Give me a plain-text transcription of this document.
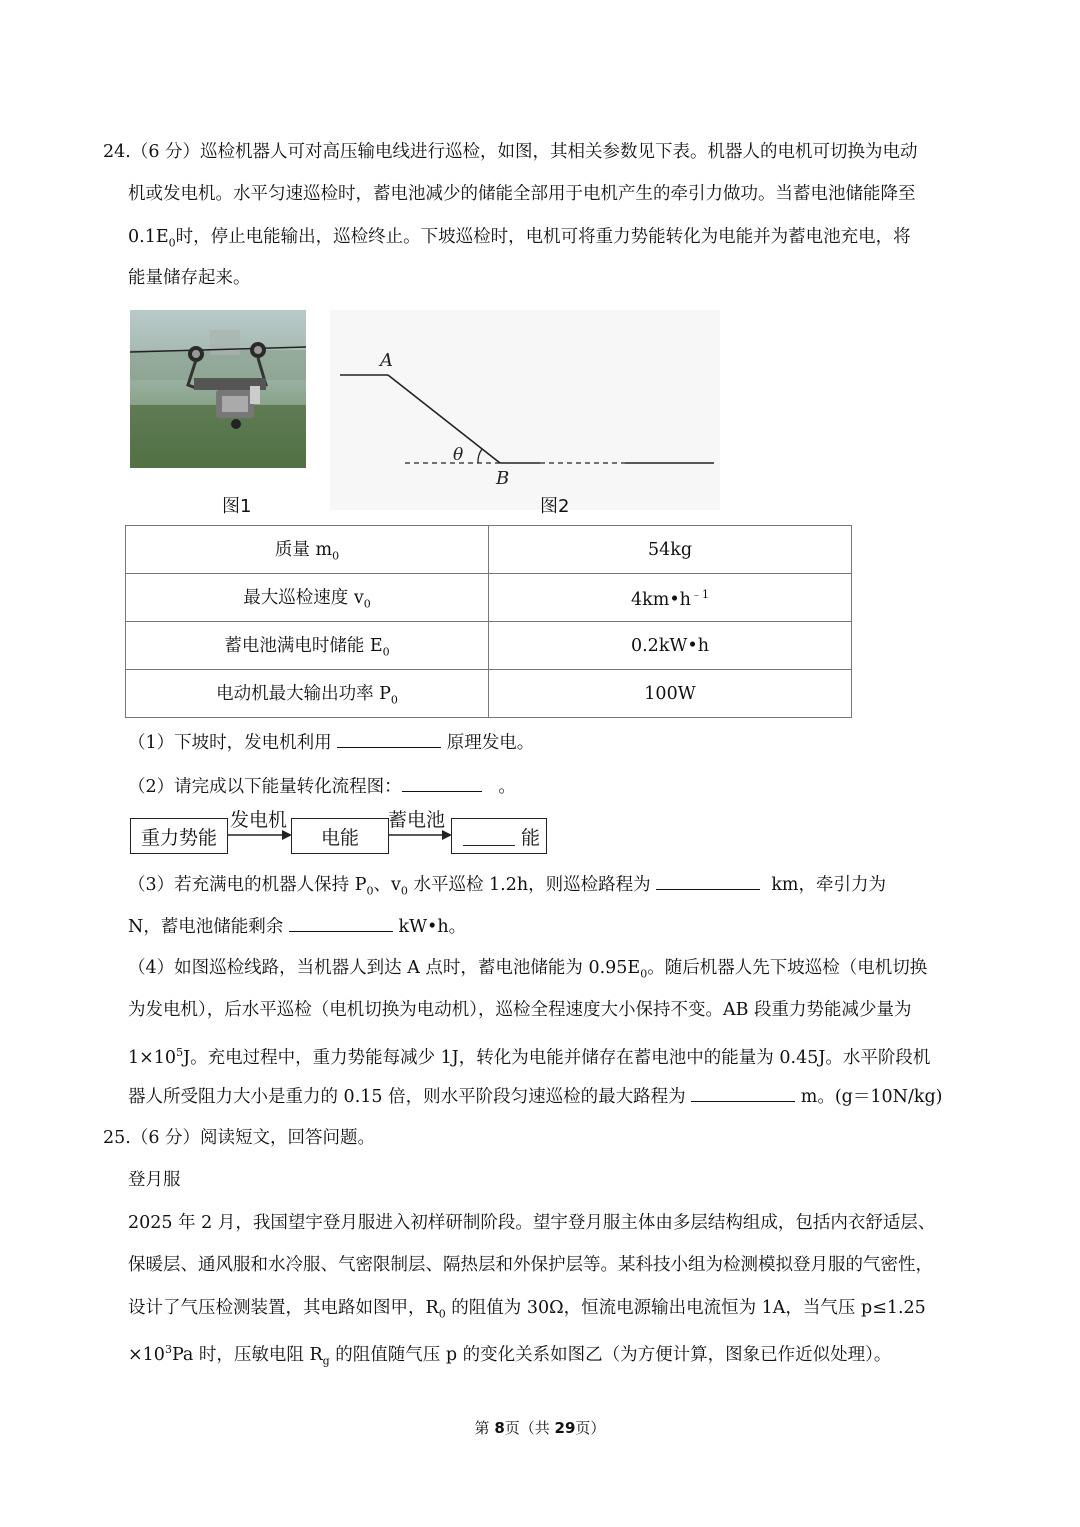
24.（6 分）巡检机器人可对高压输电线进行巡检，如图，其相关参数见下表。机器人的电机可切换为电动
机或发电机。水平匀速巡检时，蓄电池减少的储能全部用于电机产生的牵引力做功。当蓄电池储能降至
$0.1E_0$时，停止电能输出，巡检终止。下坡巡检时，电机可将重力势能转化为电能并为蓄电池充电，将
能量储存起来。
图1
A
B
θ
图2
质量 $m_0$	54kg
最大巡检速度 $v_0$	$4km•h^{﹣1}$
蓄电池满电时储能 $E_0$	0.2kW•h
电动机最大输出功率 $P_0$	100W
（1）下坡时，发电机利用	原理发电。
（2）请完成以下能量转化流程图：	。
重力势能
发电机
电能
蓄电池
能
（3）若充满电的机器人保持 $P_0$、$v_0$ 水平巡检 1.2h，则巡检路程为	km，牵引力为
N，蓄电池储能剩余	kW•h。
（4）如图巡检线路，当机器人到达 A 点时，蓄电池储能为 $0.95E_0$。随后机器人先下坡巡检（电机切换
为发电机），后水平巡检（电机切换为电动机），巡检全程速度大小保持不变。AB 段重力势能减少量为
$1\times 10^5J$。充电过程中，重力势能每减少 1J，转化为电能并储存在蓄电池中的能量为 0.45J。水平阶段机
器人所受阻力大小是重力的 0.15 倍，则水平阶段匀速巡检的最大路程为	m。(g＝10N/kg)
25.（6 分）阅读短文，回答问题。
登月服
2025 年 2 月，我国望宇登月服进入初样研制阶段。望宇登月服主体由多层结构组成，包括内衣舒适层、
保暖层、通风服和水冷服、气密限制层、隔热层和外保护层等。某科技小组为检测模拟登月服的气密性，
设计了气压检测装置，其电路如图甲，$R_0$ 的阻值为 30Ω，恒流电源输出电流恒为 1A，当气压 p≤1.25
$\times 10^3Pa$ 时，压敏电阻 $R_g$ 的阻值随气压 p 的变化关系如图乙（为方便计算，图象已作近似处理）。
第 8页（共 29页）
